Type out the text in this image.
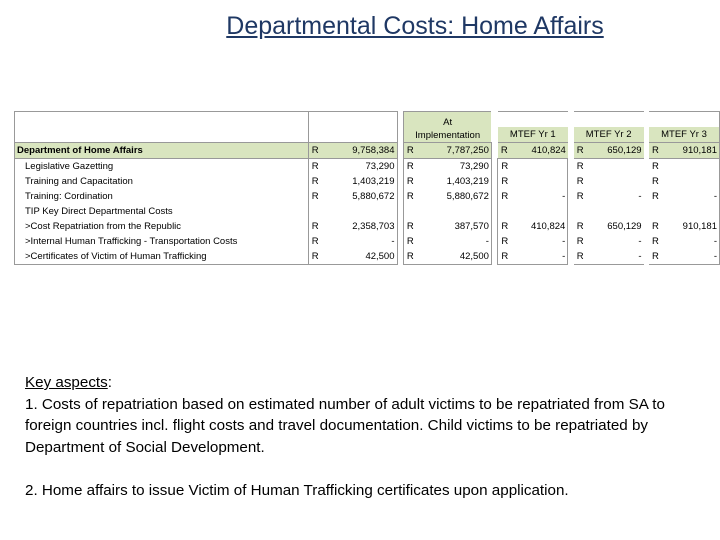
Departmental Costs: Home Affairs

				At
Implementation										

							MTEF Yr 1			MTEF Yr 2			MTEF Yr 3	
Department of Home Affairs	R	9,758,384		R	7,787,250		R	410,824		R	650,129		R	910,181
Legislative Gazetting	R	73,290		R	73,290		R			R			R	
Training and Capacitation	R	1,403,219		R	1,403,219		R			R			R	
Training: Cordination	R	5,880,672		R	5,880,672		R	-		R	-		R	-
TIP Key Direct Departmental Costs														
>Cost Repatriation from the Republic	R	2,358,703		R	387,570		R	410,824		R	650,129		R	910,181
>Internal Human Trafficking - Transportation Costs	R	-		R	-		R	-		R	-		R	-
>Certificates of Victim of Human Trafficking	R	42,500		R	42,500		R	-		R	-		R	-

Key aspects:

1. Costs of repatriation based on estimated number of adult victims to be repatriated from SA to foreign countries incl. flight costs and travel documentation. Child victims to be repatriated by Department of Social Development.

2. Home affairs to issue Victim of Human Trafficking certificates upon application.
